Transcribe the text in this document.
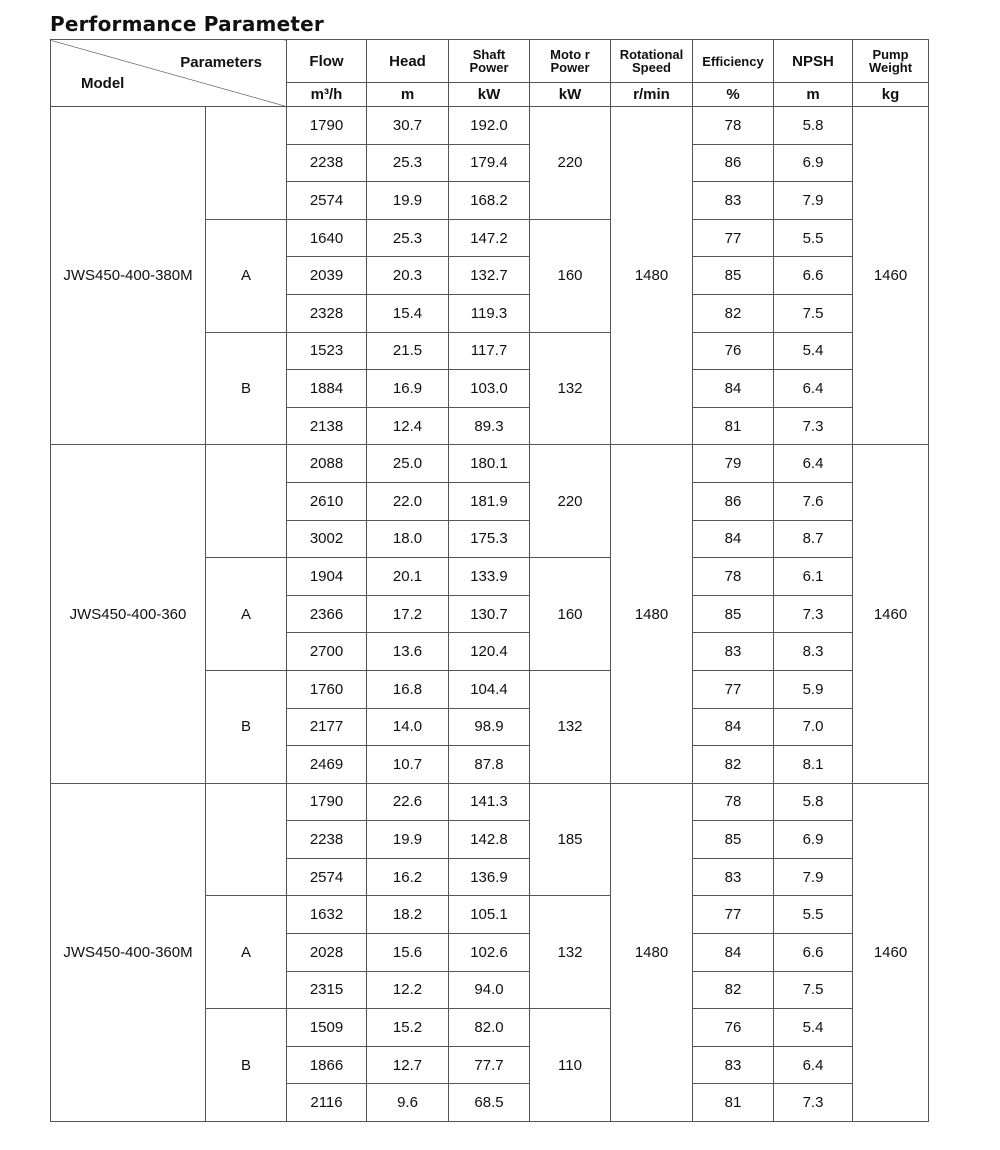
Performance Parameter
Parameters
Model		Flow	Head	Shaft Power	Moto r Power	Rotational Speed	Efficiency	NPSH	Pump Weight
		m³/h	m	kW	kW	r/min	%	m	kg
JWS450-400-380M		1790	30.7	192.0	220	1480	78	5.8	1460
		2238	25.3	179.4			86	6.9	
		2574	19.9	168.2			83	7.9	
	A	1640	25.3	147.2	160		77	5.5	
		2039	20.3	132.7			85	6.6	
		2328	15.4	119.3			82	7.5	
	B	1523	21.5	117.7	132		76	5.4	
		1884	16.9	103.0			84	6.4	
		2138	12.4	89.3			81	7.3	
JWS450-400-360		2088	25.0	180.1	220	1480	79	6.4	1460
		2610	22.0	181.9			86	7.6	
		3002	18.0	175.3			84	8.7	
	A	1904	20.1	133.9	160		78	6.1	
		2366	17.2	130.7			85	7.3	
		2700	13.6	120.4			83	8.3	
	B	1760	16.8	104.4	132		77	5.9	
		2177	14.0	98.9			84	7.0	
		2469	10.7	87.8			82	8.1	
JWS450-400-360M		1790	22.6	141.3	185	1480	78	5.8	1460
		2238	19.9	142.8			85	6.9	
		2574	16.2	136.9			83	7.9	
	A	1632	18.2	105.1	132		77	5.5	
		2028	15.6	102.6			84	6.6	
		2315	12.2	94.0			82	7.5	
	B	1509	15.2	82.0	110		76	5.4	
		1866	12.7	77.7			83	6.4	
		2116	9.6	68.5			81	7.3	
